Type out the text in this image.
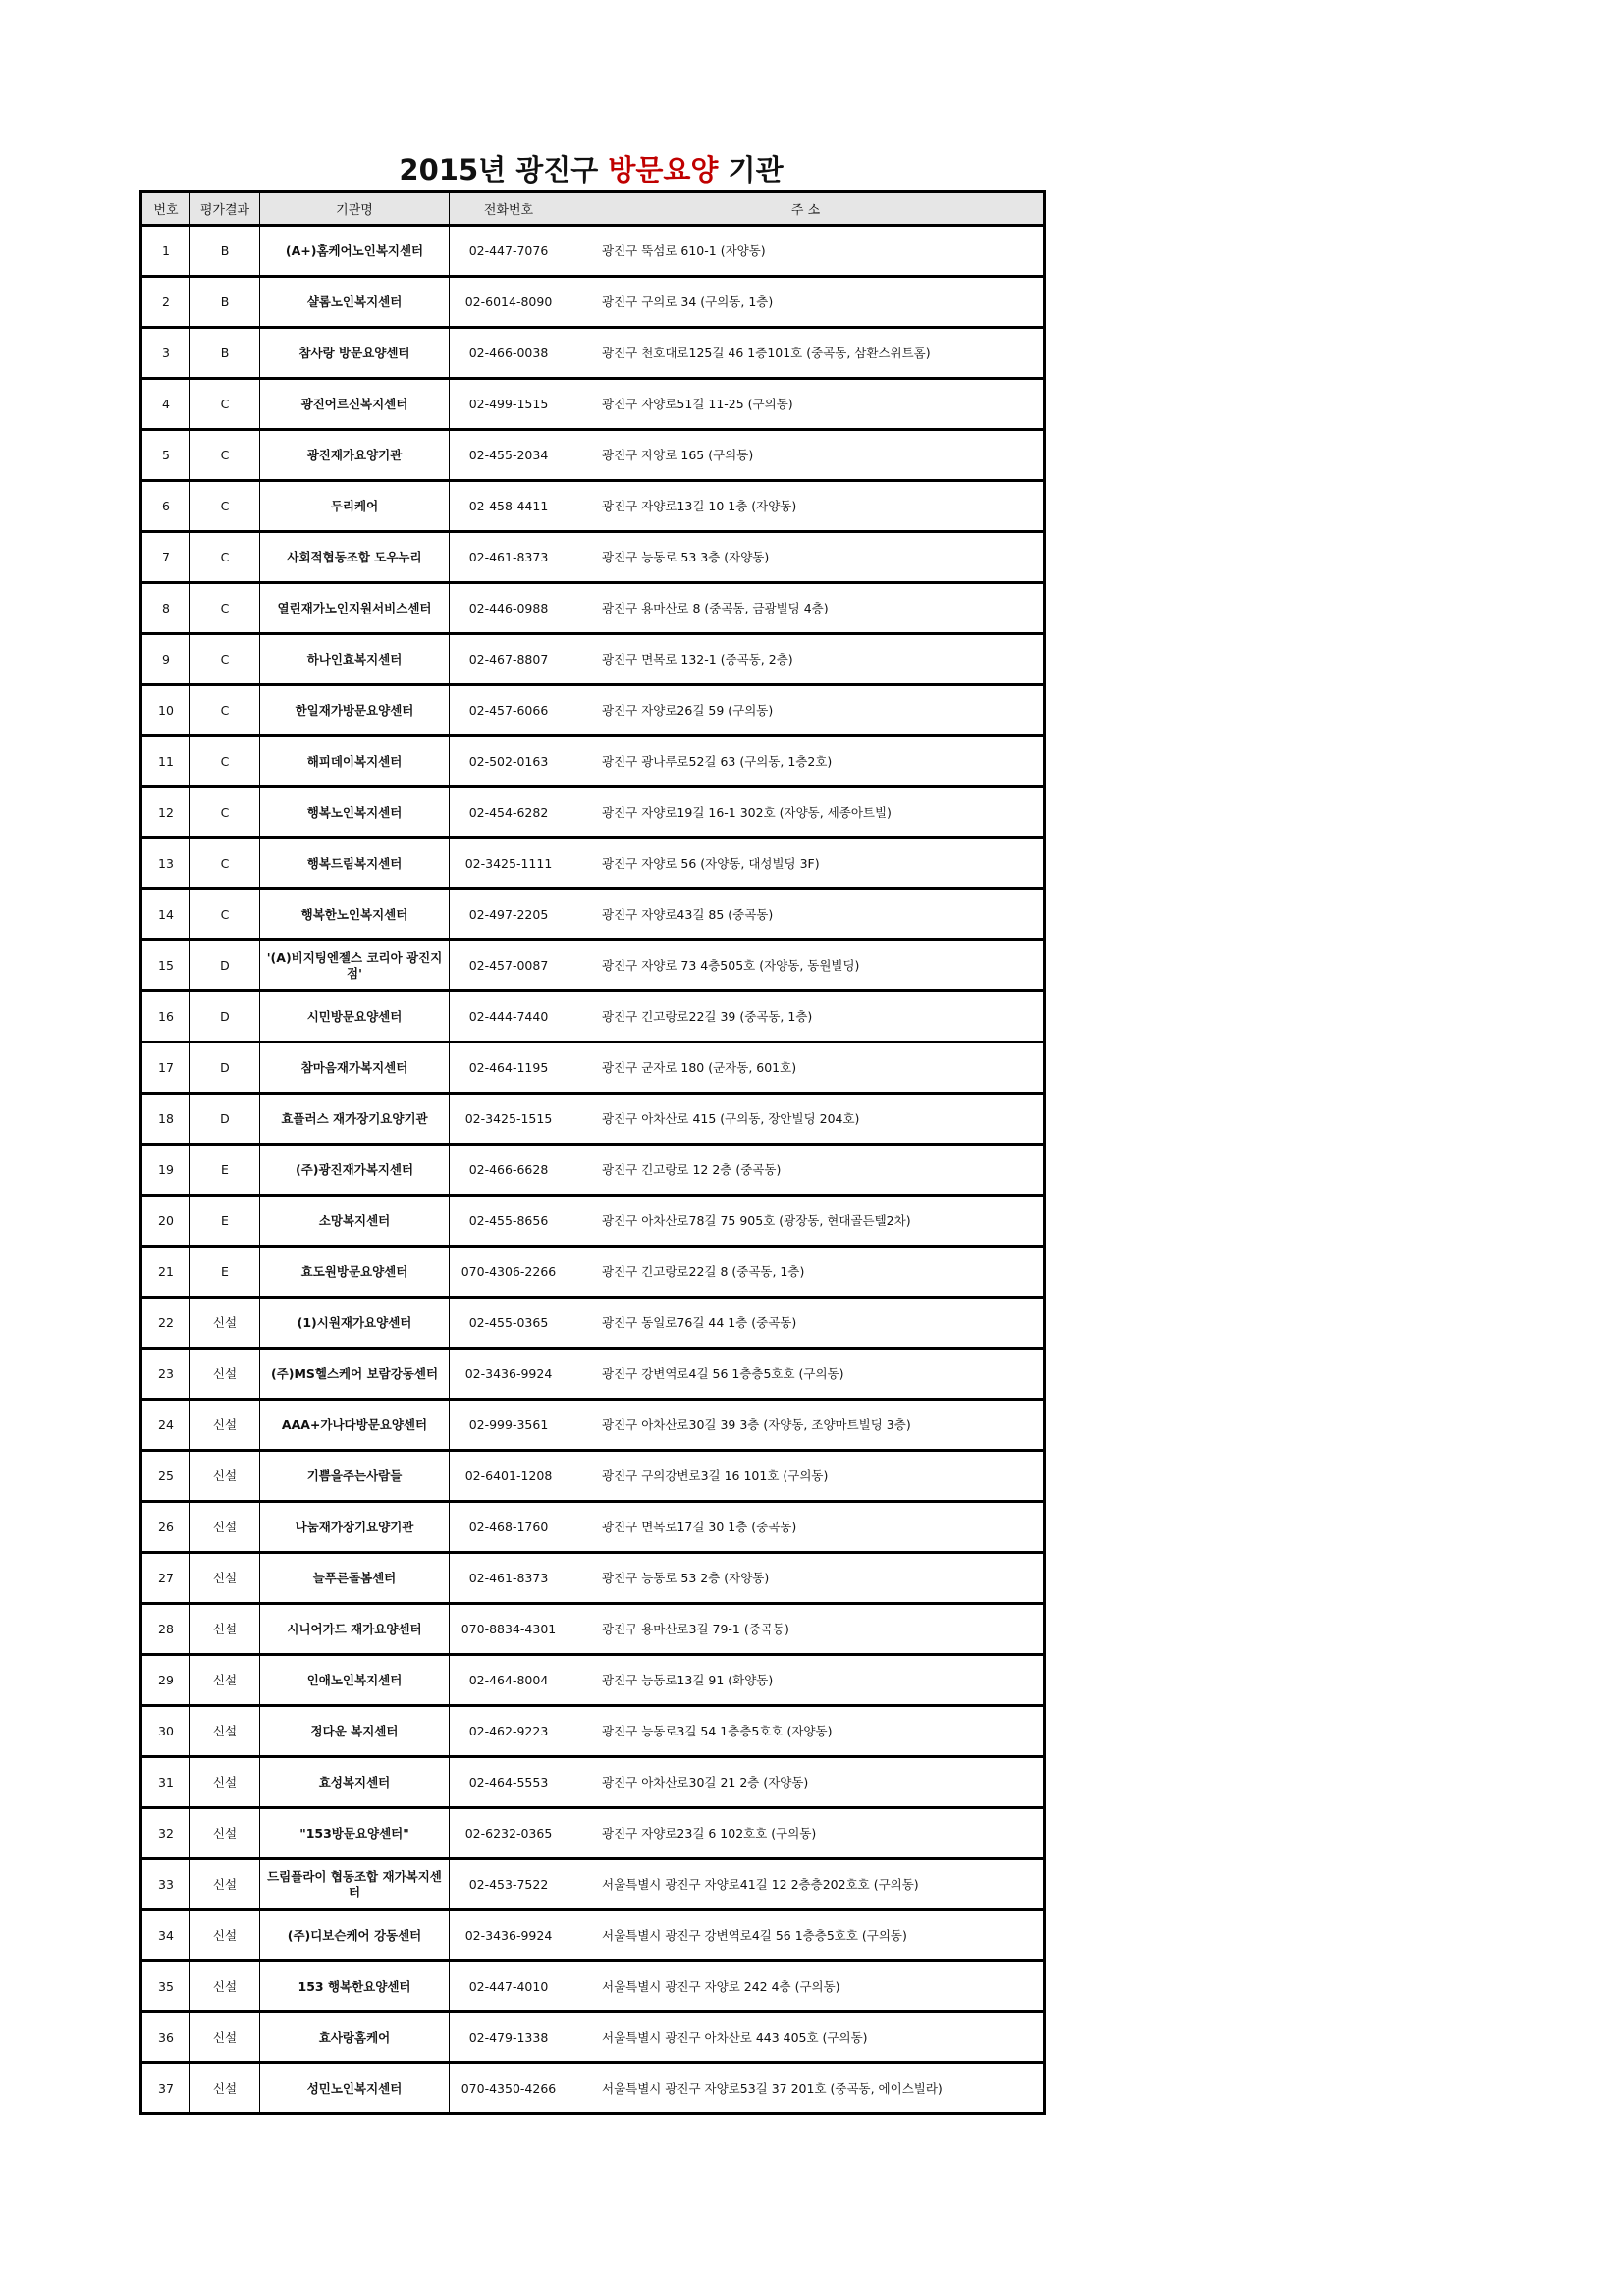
2015년 광진구 방문요양 기관
번호	평가결과	기관명	전화번호	주 소
1	B	(A+)홈케어노인복지센터	02-447-7076	광진구 뚝섬로 610-1 (자양동)
2	B	샬롬노인복지센터	02-6014-8090	광진구 구의로 34 (구의동, 1층)
3	B	참사랑 방문요양센터	02-466-0038	광진구 천호대로125길 46 1층101호 (중곡동, 삼환스위트홈)
4	C	광진어르신복지센터	02-499-1515	광진구 자양로51길 11-25 (구의동)
5	C	광진재가요양기관	02-455-2034	광진구 자양로 165 (구의동)
6	C	두리케어	02-458-4411	광진구 자양로13길 10 1층 (자양동)
7	C	사회적협동조합 도우누리	02-461-8373	광진구 능동로 53 3층 (자양동)
8	C	열린재가노인지원서비스센터	02-446-0988	광진구 용마산로 8 (중곡동, 금광빌딩 4층)
9	C	하나인효복지센터	02-467-8807	광진구 면목로 132-1 (중곡동, 2층)
10	C	한일재가방문요양센터	02-457-6066	광진구 자양로26길 59 (구의동)
11	C	해피데이복지센터	02-502-0163	광진구 광나루로52길 63 (구의동, 1층2호)
12	C	행복노인복지센터	02-454-6282	광진구 자양로19길 16-1 302호 (자양동, 세종아트빌)
13	C	행복드림복지센터	02-3425-1111	광진구 자양로 56 (자양동, 대성빌딩 3F)
14	C	행복한노인복지센터	02-497-2205	광진구 자양로43길 85 (중곡동)
15	D	'(A)비지팅엔젤스 코리아 광진지점'	02-457-0087	광진구 자양로 73 4층505호 (자양동, 동원빌딩)
16	D	시민방문요양센터	02-444-7440	광진구 긴고랑로22길 39 (중곡동, 1층)
17	D	참마음재가복지센터	02-464-1195	광진구 군자로 180 (군자동, 601호)
18	D	효플러스 재가장기요양기관	02-3425-1515	광진구 아차산로 415 (구의동, 장안빌딩 204호)
19	E	(주)광진재가복지센터	02-466-6628	광진구 긴고랑로 12 2층 (중곡동)
20	E	소망복지센터	02-455-8656	광진구 아차산로78길 75 905호 (광장동, 현대골든텔2차)
21	E	효도원방문요양센터	070-4306-2266	광진구 긴고랑로22길 8 (중곡동, 1층)
22	신설	(1)시원재가요양센터	02-455-0365	광진구 동일로76길 44 1층 (중곡동)
23	신설	(주)MS헬스케어 보람강동센터	02-3436-9924	광진구 강변역로4길 56 1층층5호호 (구의동)
24	신설	AAA+가나다방문요양센터	02-999-3561	광진구 아차산로30길 39 3층 (자양동, 조양마트빌딩 3층)
25	신설	기쁨을주는사람들	02-6401-1208	광진구 구의강변로3길 16 101호 (구의동)
26	신설	나눔재가장기요양기관	02-468-1760	광진구 면목로17길 30 1층 (중곡동)
27	신설	늘푸른돌봄센터	02-461-8373	광진구 능동로 53 2층 (자양동)
28	신설	시니어가드 재가요양센터	070-8834-4301	광진구 용마산로3길 79-1 (중곡동)
29	신설	인애노인복지센터	02-464-8004	광진구 능동로13길 91 (화양동)
30	신설	정다운 복지센터	02-462-9223	광진구 능동로3길 54 1층층5호호 (자양동)
31	신설	효성복지센터	02-464-5553	광진구 아차산로30길 21 2층 (자양동)
32	신설	"153방문요양센터"	02-6232-0365	광진구 자양로23길 6 102호호 (구의동)
33	신설	드림플라이 협동조합 재가복지센터	02-453-7522	서울특별시 광진구 자양로41길 12 2층층202호호 (구의동)
34	신설	(주)디보슨케어 강동센터	02-3436-9924	서울특별시 광진구 강변역로4길 56 1층층5호호 (구의동)
35	신설	153 행복한요양센터	02-447-4010	서울특별시 광진구 자양로 242 4층 (구의동)
36	신설	효사랑홈케어	02-479-1338	서울특별시 광진구 아차산로 443 405호 (구의동)
37	신설	성민노인복지센터	070-4350-4266	서울특별시 광진구 자양로53길 37 201호 (중곡동, 에이스빌라)
